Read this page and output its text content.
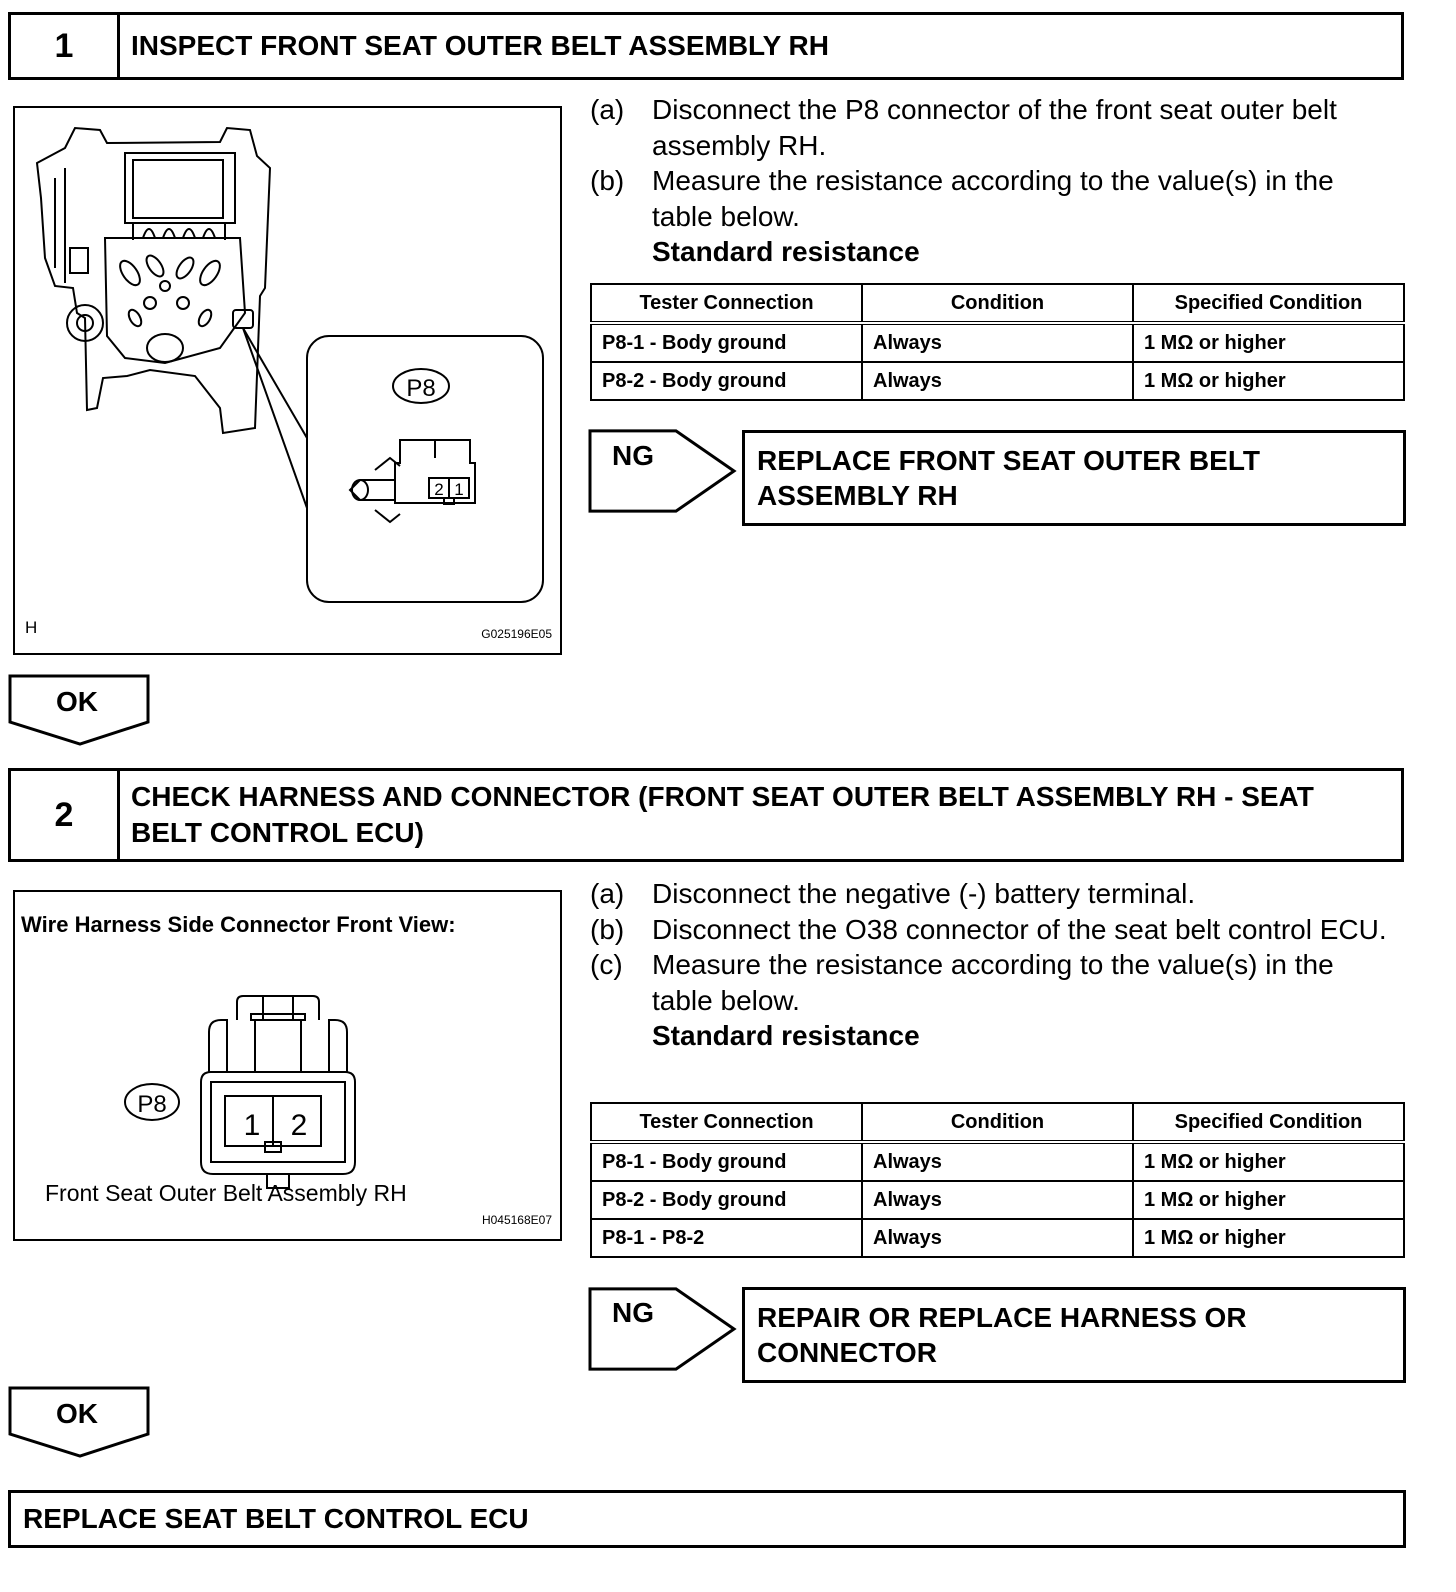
1	INSPECT FRONT SEAT OUTER BELT ASSEMBLY RH
P8
2 1
H	G025196E05
(a) Disconnect the P8 connector of the front seat outer belt assembly RH.
(b) Measure the resistance according to the value(s) in the table below.
Standard resistance
Tester Connection	Condition	Specified Condition
P8-1 - Body ground	Always	1 MΩ or higher
P8-2 - Body ground	Always	1 MΩ or higher
NG	REPLACE FRONT SEAT OUTER BELT ASSEMBLY RH
OK
2	CHECK HARNESS AND CONNECTOR (FRONT SEAT OUTER BELT ASSEMBLY RH - SEAT BELT CONTROL ECU)
Wire Harness Side Connector Front View:
P8
1 2
Front Seat Outer Belt Assembly RH
H045168E07
(a) Disconnect the negative (-) battery terminal.
(b) Disconnect the O38 connector of the seat belt control ECU.
(c)	Measure the resistance according to the value(s) in the table below.
Standard resistance
Tester Connection	Condition	Specified Condition
P8-1 - Body ground	Always	1 MΩ or higher
P8-2 - Body ground	Always	1 MΩ or higher
P8-1 - P8-2	Always	1 MΩ or higher
NG	REPAIR OR REPLACE HARNESS OR CONNECTOR
OK
REPLACE SEAT BELT CONTROL ECU
